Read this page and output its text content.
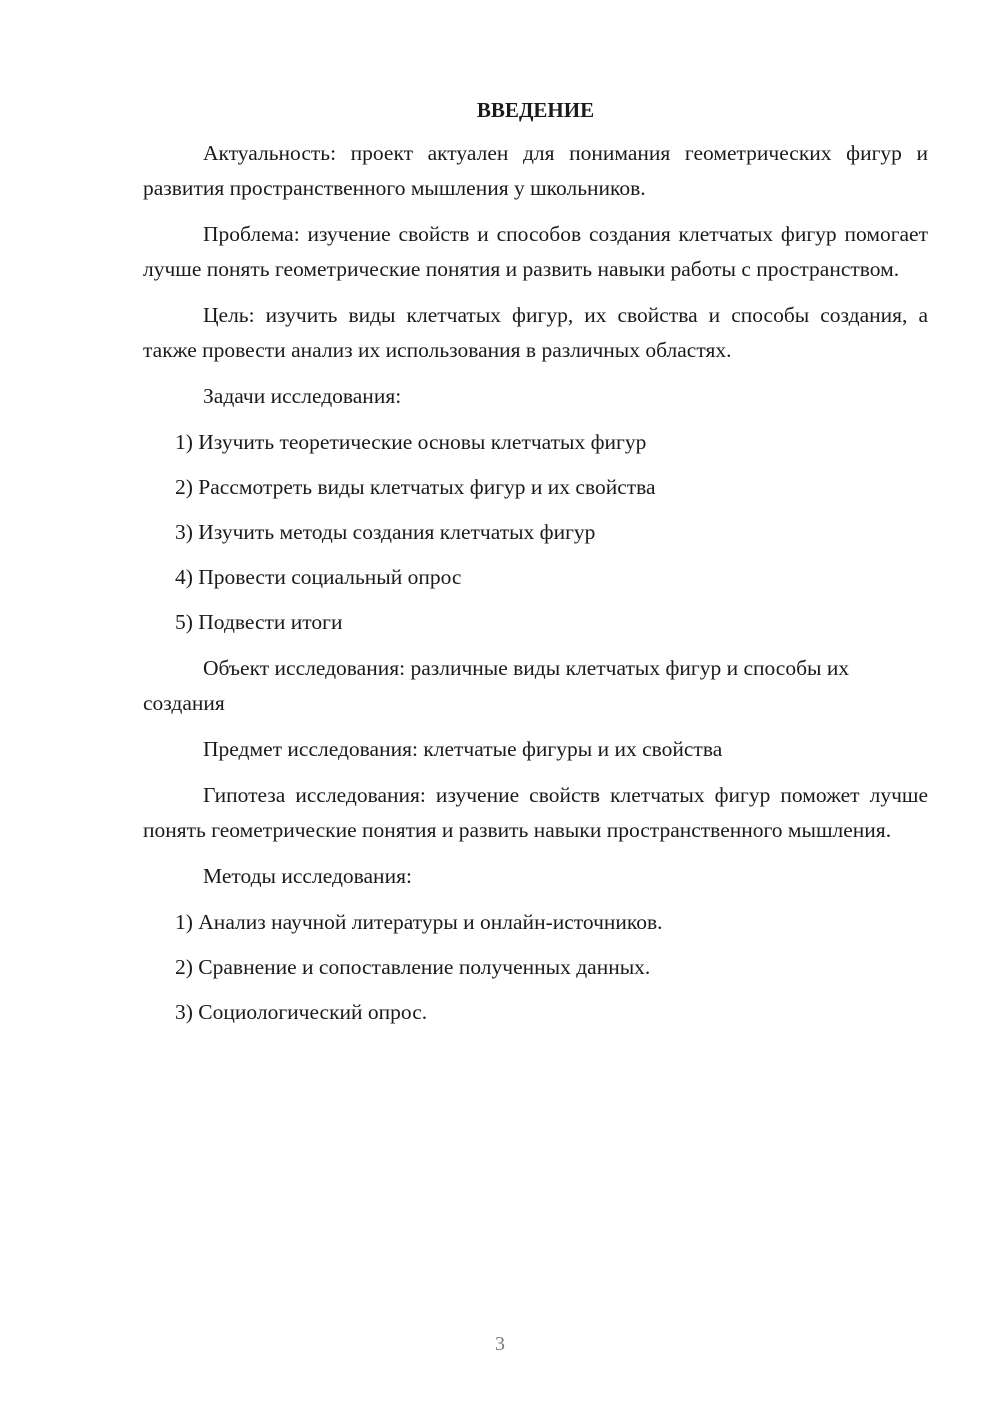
ВВЕДЕНИЕ
Актуальность: проект актуален для понимания геометрических фигур и развития пространственного мышления у школьников.
Проблема: изучение свойств и способов создания клетчатых фигур помогает лучше понять геометрические понятия и развить навыки работы с пространством.
Цель: изучить виды клетчатых фигур, их свойства и способы создания, а также провести анализ их использования в различных областях.
Задачи исследования:
1) Изучить теоретические основы клетчатых фигур
2) Рассмотреть виды клетчатых фигур и их свойства
3) Изучить методы создания клетчатых фигур
4) Провести социальный опрос
5) Подвести итоги
Объект исследования: различные виды клетчатых фигур и способы их создания
Предмет исследования: клетчатые фигуры и их свойства
Гипотеза исследования: изучение свойств клетчатых фигур поможет лучше понять геометрические понятия и развить навыки пространственного мышления.
Методы исследования:
1) Анализ научной литературы и онлайн-источников.
2) Сравнение и сопоставление полученных данных.
3) Социологический опрос.
3
